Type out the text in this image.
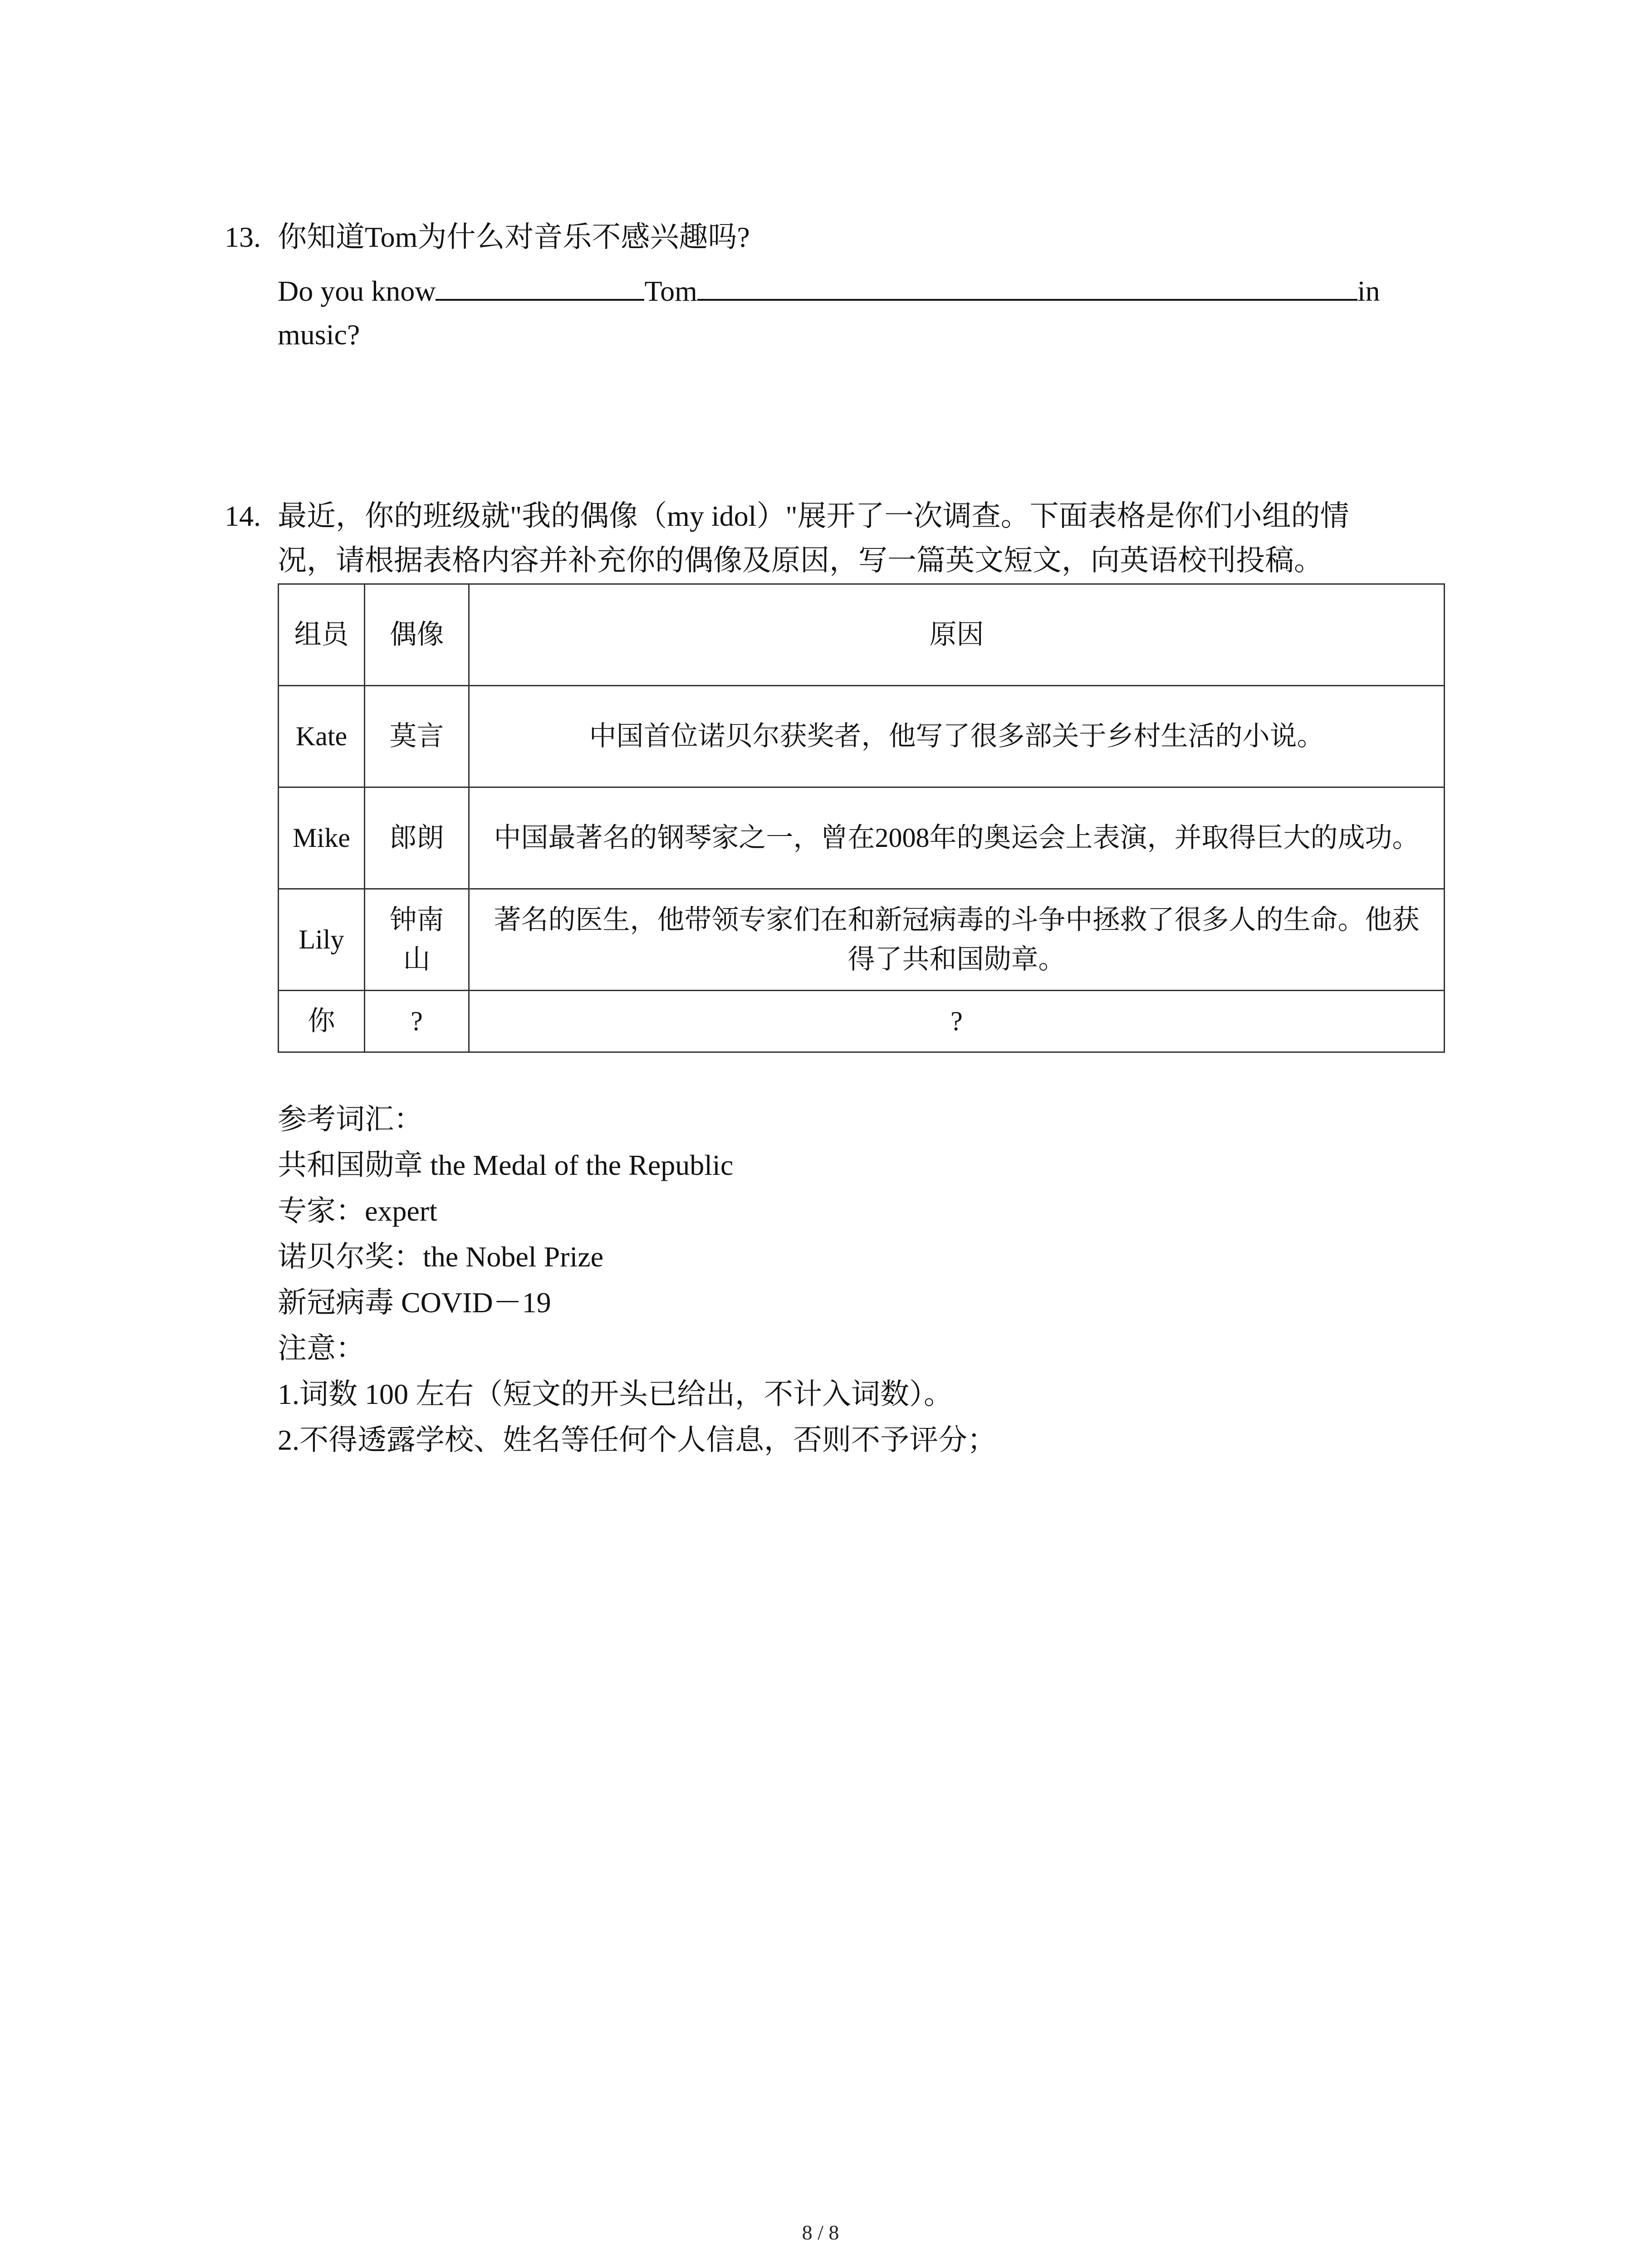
13. 你知道Tom为什么对音乐不感兴趣吗?
Do you know	Tom	in
music?
14. 最近，你的班级就"我的偶像（my idol）"展开了一次调查。下面表格是你们小组的情
况，请根据表格内容并补充你的偶像及原因，写一篇英文短文，向英语校刊投稿。
组员	偶像	原因
Kate	莫言	中国首位诺贝尔获奖者，他写了很多部关于乡村生活的小说。
Mike	郎朗	中国最著名的钢琴家之一，曾在2008年的奥运会上表演，并取得巨大的成功。
Lily	钟南山	著名的医生，他带领专家们在和新冠病毒的斗争中拯救了很多人的生命。他获得了共和国勋章。
你	?	?
参考词汇：
共和国勋章 the Medal of the Republic
专家：expert
诺贝尔奖：the Nobel Prize
新冠病毒 COVID－19
注意：
1.词数 100 左右（短文的开头已给出，不计入词数）。
2.不得透露学校、姓名等任何个人信息，否则不予评分；
8 / 8
